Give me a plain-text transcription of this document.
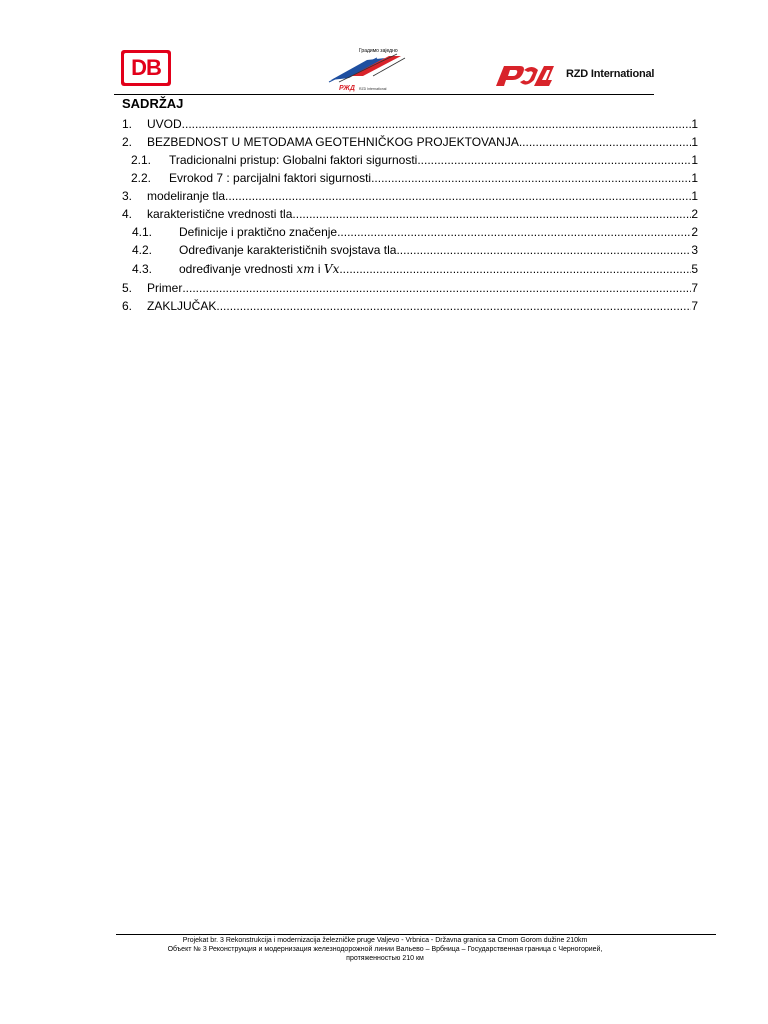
DB
Градимо заједно
РЖД RZD International
RZD International
SADRŽAJ
1.	UVOD .....	1
2.	BEZBEDNOST U METODAMA GEOTEHNIČKOG PROJEKTOVANJA .....	1
2.1.	Tradicionalni pristup: Globalni faktori sigurnosti .....	1
2.2.	Evrokod 7 : parcijalni faktori sigurnosti .....	1
3.	modeliranje tla .....	1
4.	karakteristične vrednosti tla .....	2
4.1.	Definicije i praktično značenje .....	2
4.2.	Određivanje karakterističnih svojstava tla .....	3
4.3.	određivanje vrednosti xm i Vx .....	5
5.	Primer .....	7
6.	ZAKLJUČAK .....	7
Projekat br. 3 Rekonstrukcija i modernizacija železničke pruge Valjevo - Vrbnica - Državna granica sa Crnom Gorom dužine 210km
Объект № 3 Реконструкция и модернизация железнодорожной линии Вальево – Врбница – Государственная граница с Черногорией,
протяженностью 210 км
